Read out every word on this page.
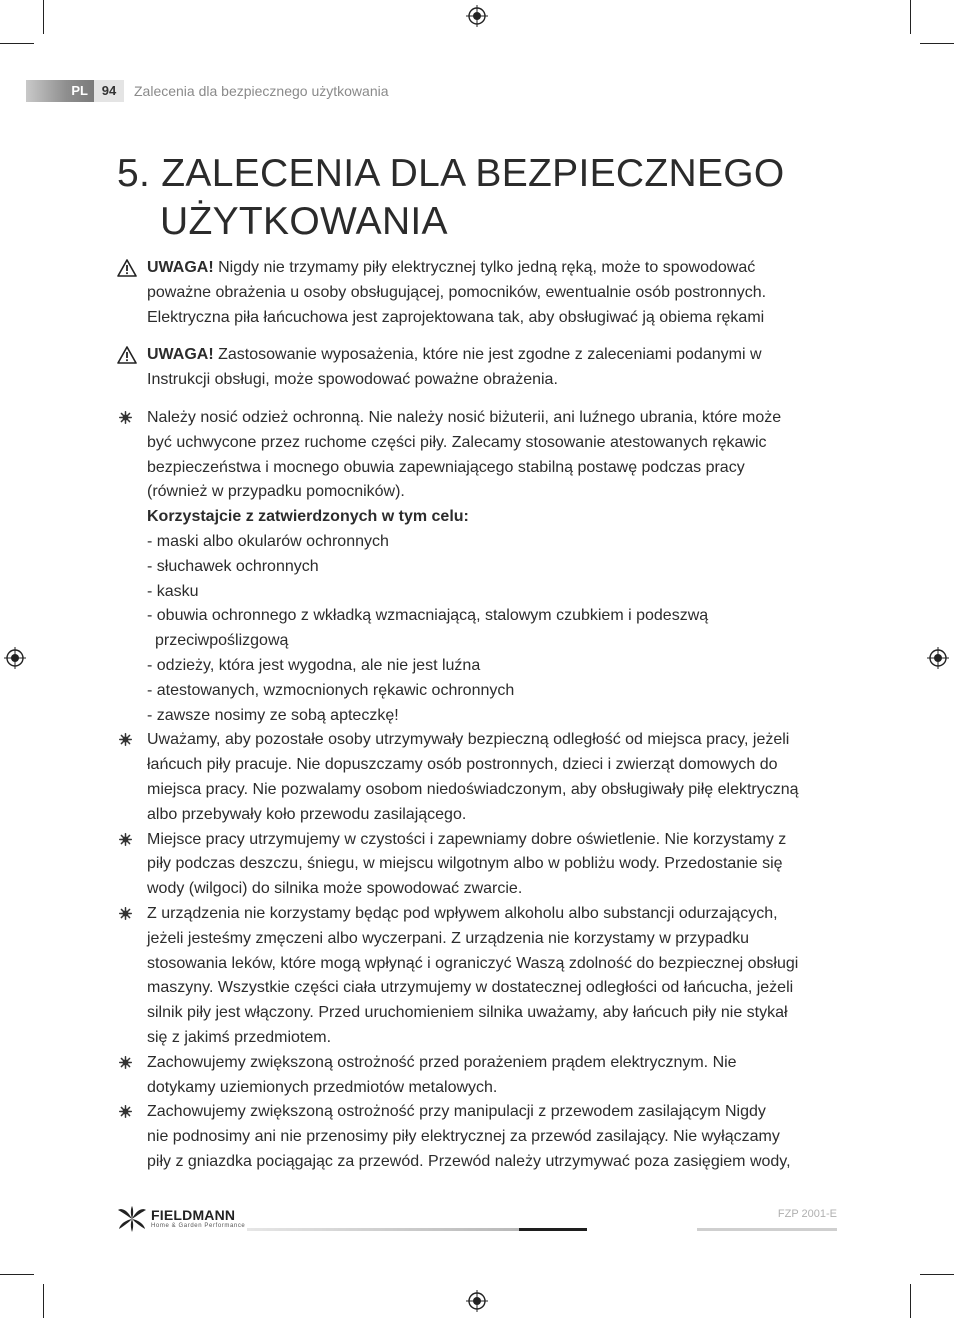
PL	94	Zalecenia dla bezpiecznego użytkowania
5. ZALECENIA DLA BEZPIECZNEGO
UŻYTKOWANIA
UWAGA! Nigdy nie trzymamy piły elektrycznej tylko jedną ręką, może to spowodować
poważne obrażenia u osoby obsługującej, pomocników, ewentualnie osób postronnych.
Elektryczna piła łańcuchowa jest zaprojektowana tak, aby obsługiwać ją obiema rękami
UWAGA! Zastosowanie wyposażenia, które nie jest zgodne z zaleceniami podanymi w
Instrukcji obsługi, może spowodować poważne obrażenia.
Należy nosić odzież ochronną. Nie należy nosić biżuterii, ani luźnego ubrania, które może
być uchwycone przez ruchome części piły. Zalecamy stosowanie atestowanych rękawic
bezpieczeństwa i mocnego obuwia zapewniającego stabilną postawę podczas pracy
(również w przypadku pomocników).
Korzystajcie z zatwierdzonych w tym celu:
- maski albo okularów ochronnych
- słuchawek ochronnych
- kasku
- obuwia ochronnego z wkładką wzmacniającą, stalowym czubkiem i podeszwą
przeciwpoślizgową
- odzieży, która jest wygodna, ale nie jest luźna
- atestowanych, wzmocnionych rękawic ochronnych
- zawsze nosimy ze sobą apteczkę!
Uważamy, aby pozostałe osoby utrzymywały bezpieczną odległość od miejsca pracy, jeżeli
łańcuch piły pracuje. Nie dopuszczamy osób postronnych, dzieci i zwierząt domowych do
miejsca pracy. Nie pozwalamy osobom niedoświadczonym, aby obsługiwały piłę elektryczną
albo przebywały koło przewodu zasilającego.
Miejsce pracy utrzymujemy w czystości i zapewniamy dobre oświetlenie. Nie korzystamy z
piły podczas deszczu, śniegu, w miejscu wilgotnym albo w pobliżu wody. Przedostanie się
wody (wilgoci) do silnika może spowodować zwarcie.
Z urządzenia nie korzystamy będąc pod wpływem alkoholu albo substancji odurzających,
jeżeli jesteśmy zmęczeni albo wyczerpani. Z urządzenia nie korzystamy w przypadku
stosowania leków, które mogą wpłynąć i ograniczyć Waszą zdolność do bezpiecznej obsługi
maszyny. Wszystkie części ciała utrzymujemy w dostatecznej odległości od łańcucha, jeżeli
silnik piły jest włączony. Przed uruchomieniem silnika uważamy, aby łańcuch piły nie stykał
się z jakimś przedmiotem.
Zachowujemy zwiększoną ostrożność przed porażeniem prądem elektrycznym. Nie
dotykamy uziemionych przedmiotów metalowych.
Zachowujemy zwiększoną ostrożność przy manipulacji z przewodem zasilającym Nigdy
nie podnosimy ani nie przenosimy piły elektrycznej za przewód zasilający. Nie wyłączamy
piły z gniazdka pociągając za przewód. Przewód należy utrzymywać poza zasięgiem wody,
FIELDMANN
Home & Garden Performance
FZP 2001-E
